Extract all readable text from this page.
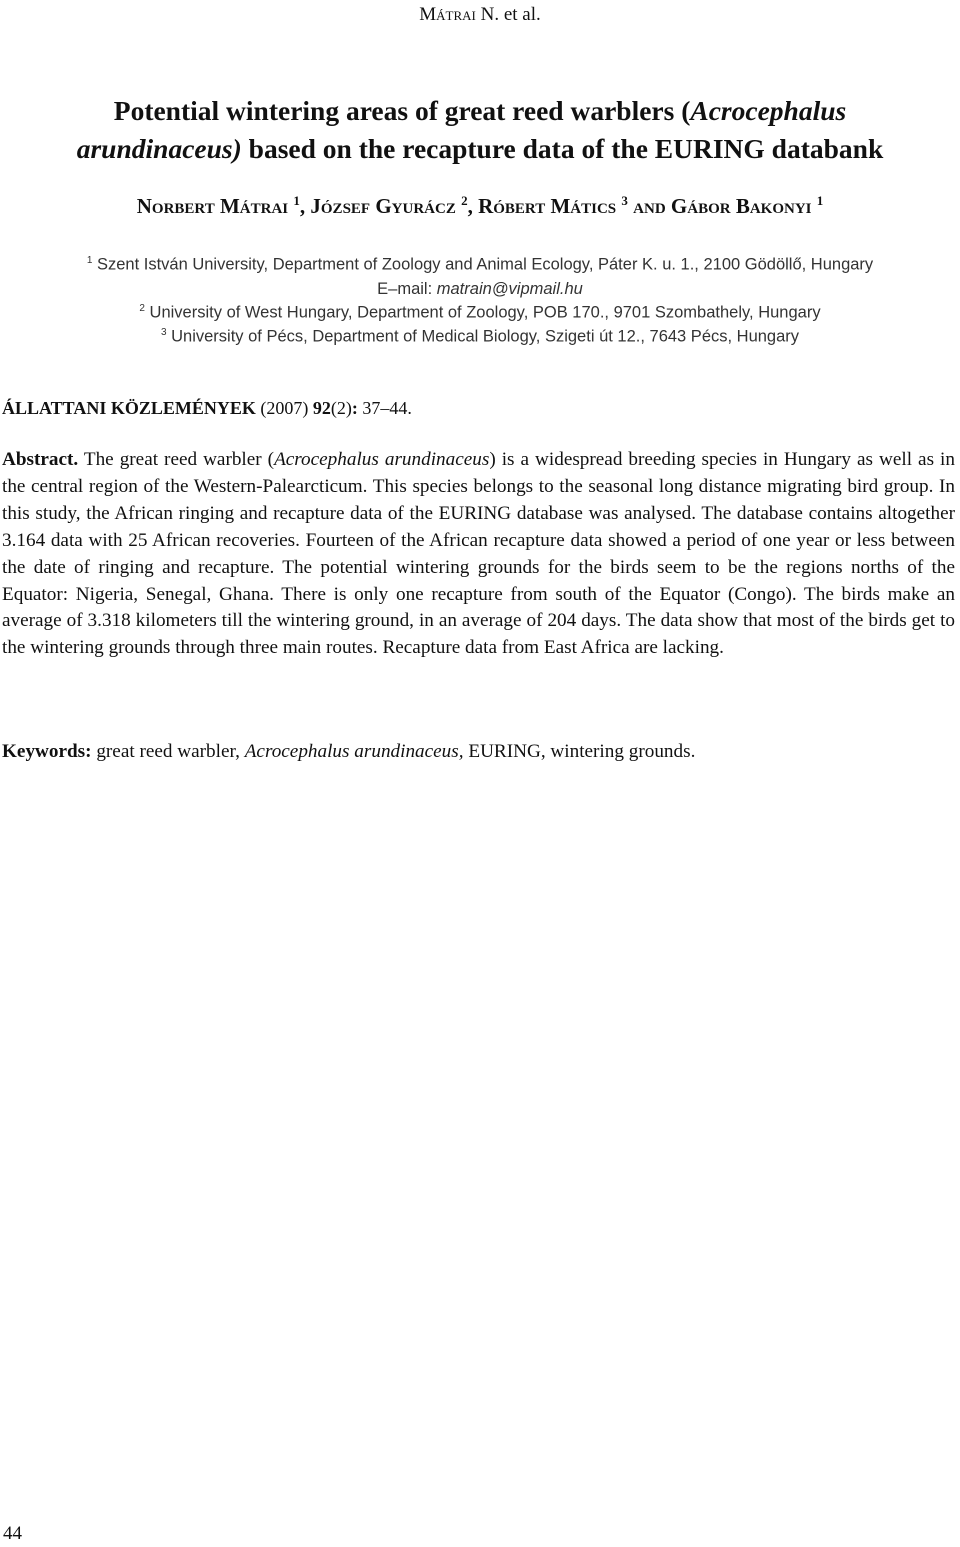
Mátrai N. et al.
Potential wintering areas of great reed warblers (Acrocephalus
arundinaceus) based on the recapture data of the EURING databank
Norbert Mátrai $^1$, József Gyurácz $^2$, Róbert Mátics $^3$ and Gábor Bakonyi $^1$
$^1$ Szent István University, Department of Zoology and Animal Ecology, Páter K. u. 1., 2100 Gödöllő, Hungary
E–mail: matrain@vipmail.hu
$^2$ University of West Hungary, Department of Zoology, POB 170., 9701 Szombathely, Hungary
$^3$ University of Pécs, Department of Medical Biology, Szigeti út 12., 7643 Pécs, Hungary
ÁLLATTANI KÖZLEMÉNYEK (2007) 92(2): 37–44.
Abstract. The great reed warbler (Acrocephalus arundinaceus) is a widespread breeding species in Hungary as well as in the central region of the Western-Palearcticum. This species belongs to the seasonal long distance migrating bird group. In this study, the African ringing and recapture data of the EURING database was analysed. The database contains altogether 3.164 data with 25 African recoveries. Fourteen of the African recapture data showed a period of one year or less between the date of ringing and recapture. The potential wintering grounds for the birds seem to be the regions norths of the Equator: Nigeria, Senegal, Ghana. There is only one recapture from south of the Equator (Congo). The birds make an average of 3.318 kilometers till the wintering ground, in an average of 204 days. The data show that most of the birds get to the wintering grounds through three main routes. Recapture data from East Africa are lacking.
Keywords: great reed warbler, Acrocephalus arundinaceus, EURING, wintering grounds.
44
